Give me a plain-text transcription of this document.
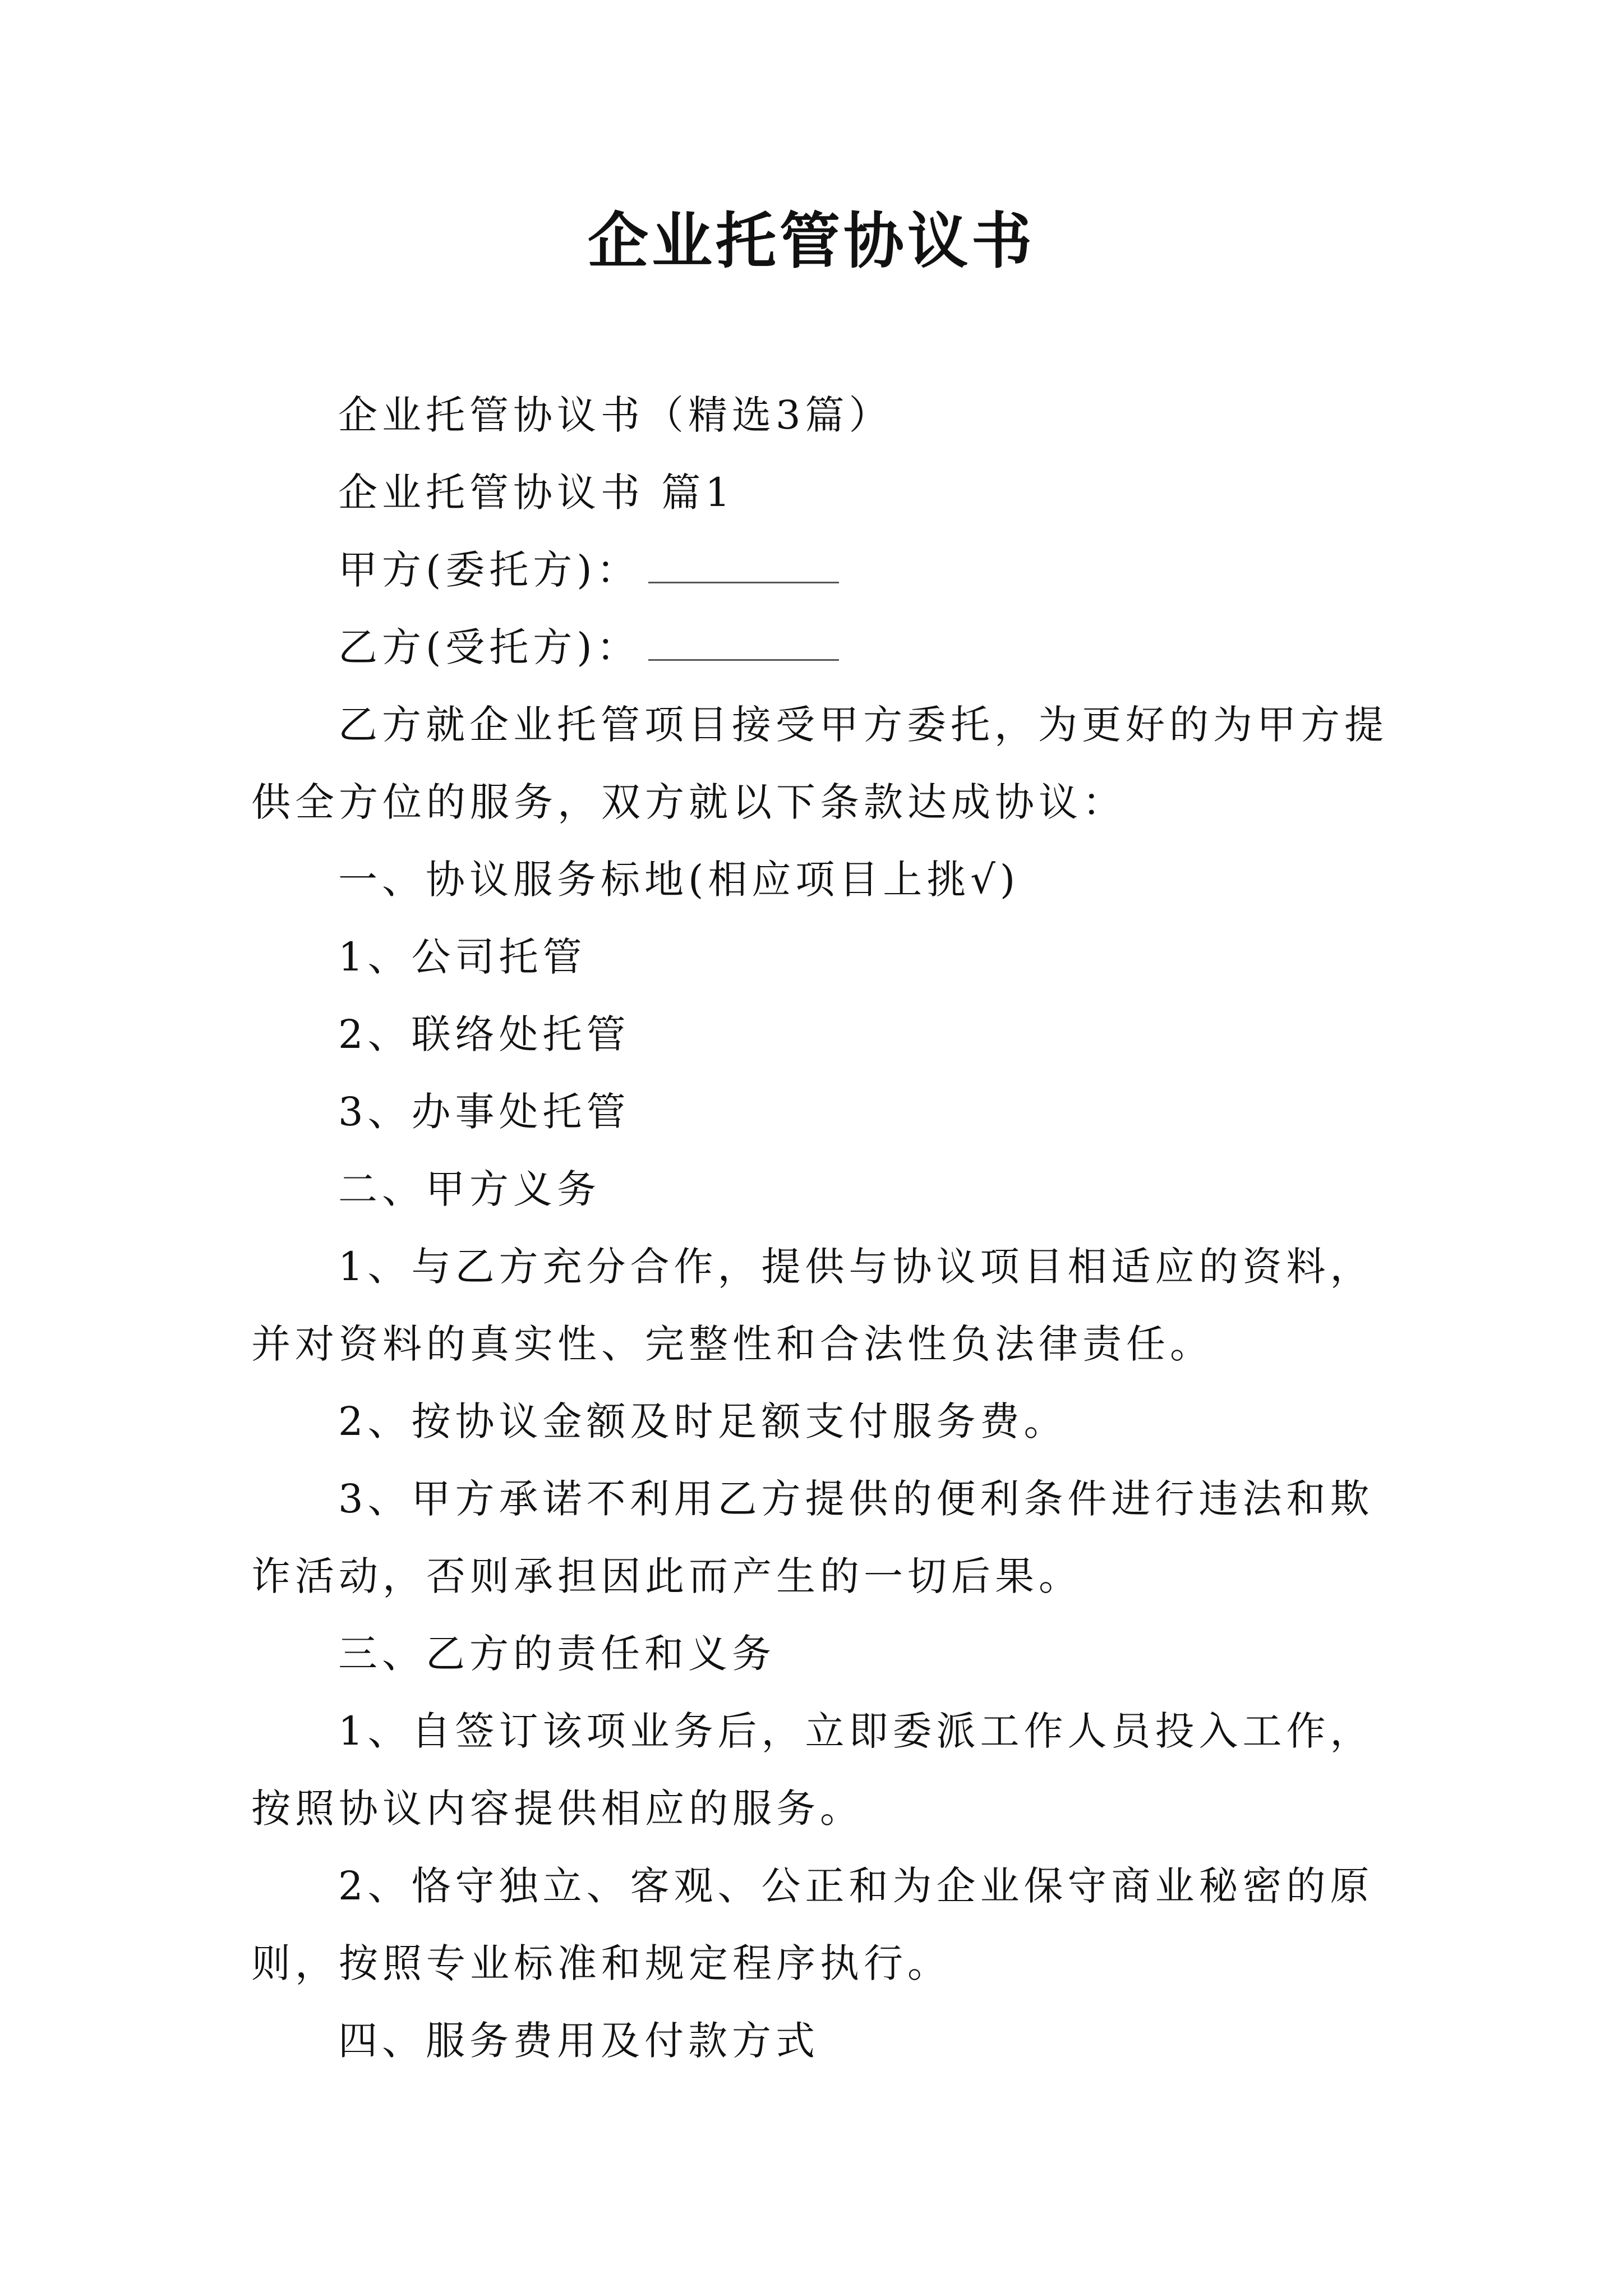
企业托管协议书
企业托管协议书（精选3篇）
企业托管协议书 篇1
甲方(委托方)：
乙方(受托方)：
乙方就企业托管项目接受甲方委托，为更好的为甲方提
供全方位的服务，双方就以下条款达成协议：
一、协议服务标地(相应项目上挑√)
1、公司托管
2、联络处托管
3、办事处托管
二、甲方义务
1、与乙方充分合作，提供与协议项目相适应的资料，
并对资料的真实性、完整性和合法性负法律责任。
2、按协议金额及时足额支付服务费。
3、甲方承诺不利用乙方提供的便利条件进行违法和欺
诈活动，否则承担因此而产生的一切后果。
三、乙方的责任和义务
1、自签订该项业务后，立即委派工作人员投入工作，
按照协议内容提供相应的服务。
2、恪守独立、客观、公正和为企业保守商业秘密的原
则，按照专业标准和规定程序执行。
四、服务费用及付款方式
